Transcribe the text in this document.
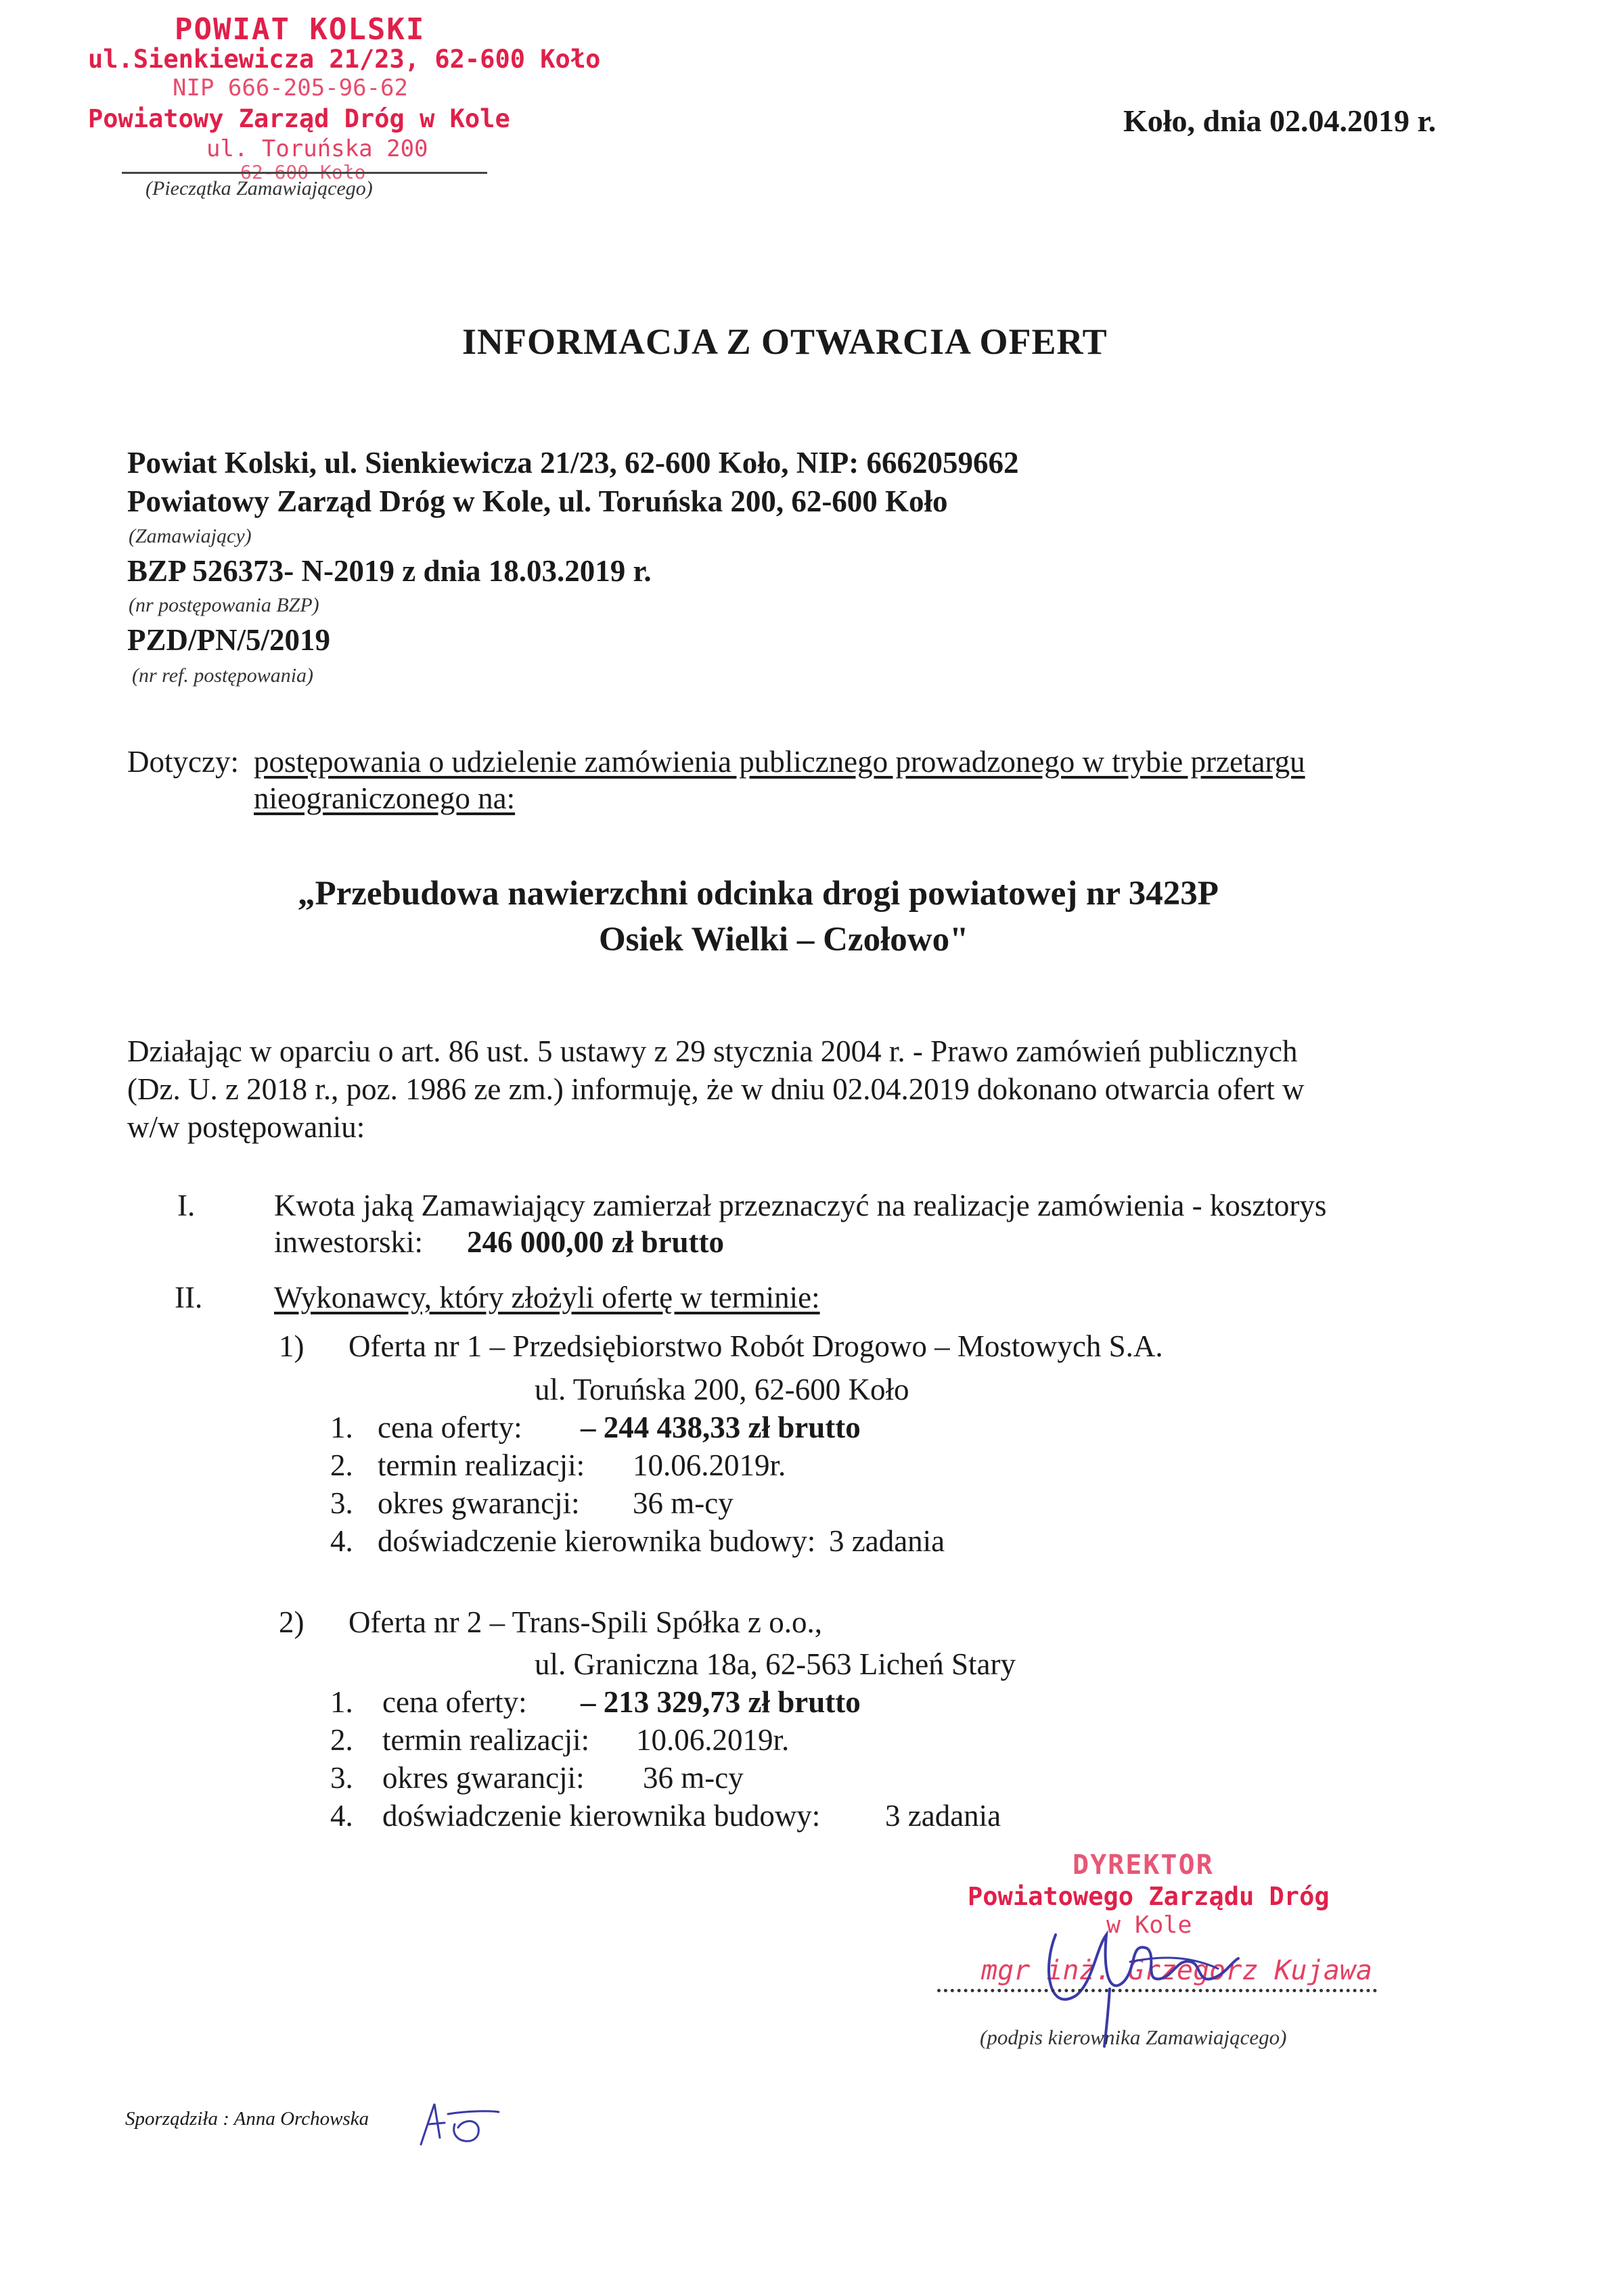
POWIAT KOLSKI
ul.Sienkiewicza 21/23, 62-600 Koło
NIP 666-205-96-62
Powiatowy Zarząd Dróg w Kole
ul. Toruńska 200
62-600 Koło
(Pieczątka Zamawiającego)
Koło, dnia 02.04.2019 r.
INFORMACJA Z OTWARCIA OFERT
Powiat Kolski, ul. Sienkiewicza 21/23, 62-600 Koło, NIP: 6662059662
Powiatowy Zarząd Dróg w Kole, ul. Toruńska 200, 62-600 Koło
(Zamawiający)
BZP 526373- N-2019 z dnia 18.03.2019 r.
(nr postępowania BZP)
PZD/PN/5/2019
(nr ref. postępowania)
Dotyczy: postępowania o udzielenie zamówienia publicznego prowadzonego w trybie przetargu
nieograniczonego na:
„Przebudowa nawierzchni odcinka drogi powiatowej nr 3423P
Osiek Wielki – Czołowo"
Działając w oparciu o art. 86 ust. 5 ustawy z 29 stycznia 2004 r. - Prawo zamówień publicznych
(Dz. U. z 2018 r., poz. 1986 ze zm.) informuję, że w dniu 02.04.2019 dokonano otwarcia ofert w
w/w postępowaniu:
I.	Kwota jaką Zamawiający zamierzał przeznaczyć na realizacje zamówienia - kosztorys
inwestorski: 246 000,00 zł brutto
II. Wykonawcy, który złożyli ofertę w terminie:
1) Oferta nr 1 – Przedsiębiorstwo Robót Drogowo – Mostowych S.A.
ul. Toruńska 200, 62-600 Koło
1. cena oferty: – 244 438,33 zł brutto
2. termin realizacji: 10.06.2019r.
3. okres gwarancji: 36 m-cy
4. doświadczenie kierownika budowy: 3 zadania
2) Oferta nr 2 – Trans-Spili Spółka z o.o.,
ul. Graniczna 18a, 62-563 Licheń Stary
1. cena oferty: – 213 329,73 zł brutto
2. termin realizacji: 10.06.2019r.
3. okres gwarancji: 36 m-cy
4. doświadczenie kierownika budowy: 3 zadania
DYREKTOR
Powiatowego Zarządu Dróg
w Kole
mgr inż. Grzegorz Kujawa
(podpis kierownika Zamawiającego)
Sporządziła : Anna Orchowska
